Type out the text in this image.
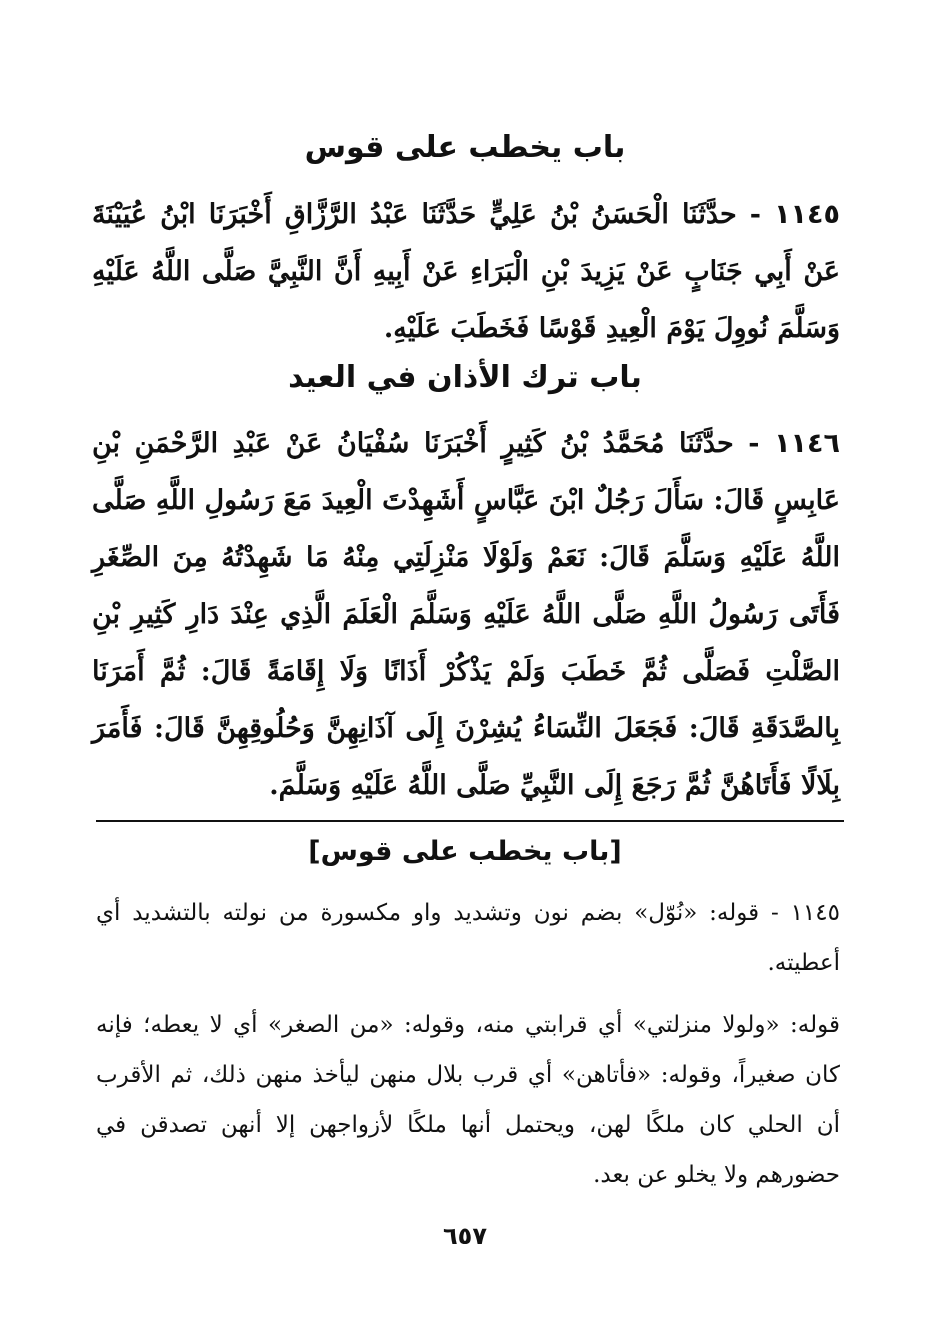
باب يخطب على قوس
١١٤٥ - حدَّثَنَا الْحَسَنُ بْنُ عَلِيٍّ حَدَّثَنَا عَبْدُ الرَّزَّاقِ أَخْبَرَنَا ابْنُ عُيَيْنَةَ عَنْ أَبِي جَنَابٍ عَنْ يَزِيدَ بْنِ الْبَرَاءِ عَنْ أَبِيهِ أَنَّ النَّبِيَّ صَلَّى اللَّهُ عَلَيْهِ وَسَلَّمَ نُووِلَ يَوْمَ الْعِيدِ قَوْسًا فَخَطَبَ عَلَيْهِ.
باب ترك الأذان في العيد
١١٤٦ - حدَّثَنَا مُحَمَّدُ بْنُ كَثِيرٍ أَخْبَرَنَا سُفْيَانُ عَنْ عَبْدِ الرَّحْمَنِ بْنِ عَابِسٍ قَالَ: سَأَلَ رَجُلٌ ابْنَ عَبَّاسٍ أَشَهِدْتَ الْعِيدَ مَعَ رَسُولِ اللَّهِ صَلَّى اللَّهُ عَلَيْهِ وَسَلَّمَ قَالَ: نَعَمْ وَلَوْلَا مَنْزِلَتِي مِنْهُ مَا شَهِدْتُهُ مِنَ الصِّغَرِ فَأَتَى رَسُولُ اللَّهِ صَلَّى اللَّهُ عَلَيْهِ وَسَلَّمَ الْعَلَمَ الَّذِي عِنْدَ دَارِ كَثِيرِ بْنِ الصَّلْتِ فَصَلَّى ثُمَّ خَطَبَ وَلَمْ يَذْكُرْ أَذَانًا وَلَا إِقَامَةً قَالَ: ثُمَّ أَمَرَنَا بِالصَّدَقَةِ قَالَ: فَجَعَلَ النِّسَاءُ يُشِرْنَ إِلَى آذَانِهِنَّ وَحُلُوقِهِنَّ قَالَ: فَأَمَرَ بِلَالًا فَأَتَاهُنَّ ثُمَّ رَجَعَ إِلَى النَّبِيِّ صَلَّى اللَّهُ عَلَيْهِ وَسَلَّمَ.
[باب يخطب على قوس]
١١٤٥ - قوله: «نُوّل» بضم نون وتشديد واو مكسورة من نولته بالتشديد أي أعطيته.
قوله: «ولولا منزلتي» أي قرابتي منه، وقوله: «من الصغر» أي لا يعطه؛ فإنه كان صغيراً، وقوله: «فأتاهن» أي قرب بلال منهن ليأخذ منهن ذلك، ثم الأقرب أن الحلي كان ملكًا لهن، ويحتمل أنها ملكًا لأزواجهن إلا أنهن تصدقن في حضورهم ولا يخلو عن بعد.
٦٥٧
